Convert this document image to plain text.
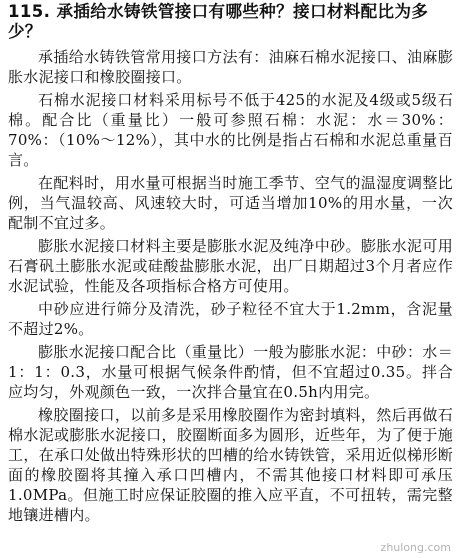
115. 承插给水铸铁管接口有哪些种？接口材料配比为多少？
承插给水铸铁管常用接口方法有：油麻石棉水泥接口、油麻膨胀水泥接口和橡胶圈接口。
石棉水泥接口材料采用标号不低于425的水泥及4级或5级石棉。配合比（重量比）一般可参照石棉：水泥：水＝30%：70%：（10%～12%），其中水的比例是指占石棉和水泥总重量百言。
在配料时，用水量可根据当时施工季节、空气的温湿度调整比例，当气温较高、风速较大时，可适当增加10%的用水量，一次配制不宜过多。
膨胀水泥接口材料主要是膨胀水泥及纯净中砂。膨胀水泥可用石膏矾土膨胀水泥或硅酸盐膨胀水泥，出厂日期超过3个月者应作水泥试验，性能及各项指标合格方可使用。
中砂应进行筛分及清洗，砂子粒径不宜大于1.2mm，含泥量不超过2%。
膨胀水泥接口配合比（重量比）一般为膨胀水泥：中砂：水＝1：1：0.3，水量可根据气候条件酌情，但不宜超过0.35。拌合应均匀，外观颜色一致，一次拌合量宜在0.5h内用完。
橡胶圈接口，以前多是采用橡胶圈作为密封填料，然后再做石棉水泥或膨胀水泥接口，胶圈断面多为圆形，近些年，为了便于施工，在承口处做出特殊形状的凹槽的给水铸铁管，采用近似梯形断面的橡胶圈将其撞入承口凹槽内，不需其他接口材料即可承压1.0MPa。但施工时应保证胶圈的推入应平直，不可扭转，需完整地镶进槽内。
zhulong.com
